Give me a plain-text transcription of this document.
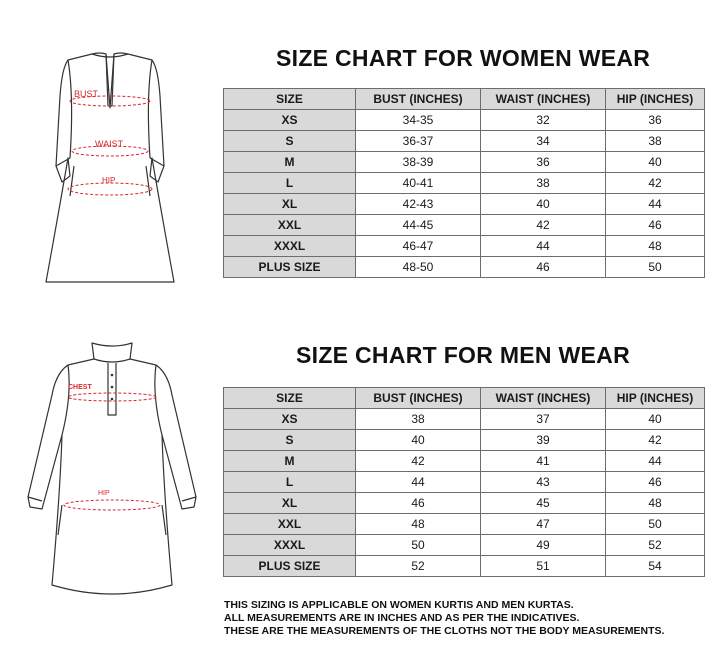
BUST
WAIST
HIP
SIZE CHART FOR WOMEN WEAR
SIZE	BUST (INCHES)	WAIST (INCHES)	HIP (INCHES)
XS	34-35	32	36
S	36-37	34	38
M	38-39	36	40
L	40-41	38	42
XL	42-43	40	44
XXL	44-45	42	46
XXXL	46-47	44	48
PLUS SIZE	48-50	46	50
CHEST
HIP
SIZE CHART FOR MEN WEAR
SIZE	BUST (INCHES)	WAIST (INCHES)	HIP (INCHES)
XS	38	37	40
S	40	39	42
M	42	41	44
L	44	43	46
XL	46	45	48
XXL	48	47	50
XXXL	50	49	52
PLUS SIZE	52	51	54
THIS SIZING IS APPLICABLE ON WOMEN KURTIS AND MEN KURTAS.
ALL MEASUREMENTS ARE IN INCHES AND AS PER THE INDICATIVES.
THESE ARE THE MEASUREMENTS OF THE CLOTHS NOT THE BODY MEASUREMENTS.
